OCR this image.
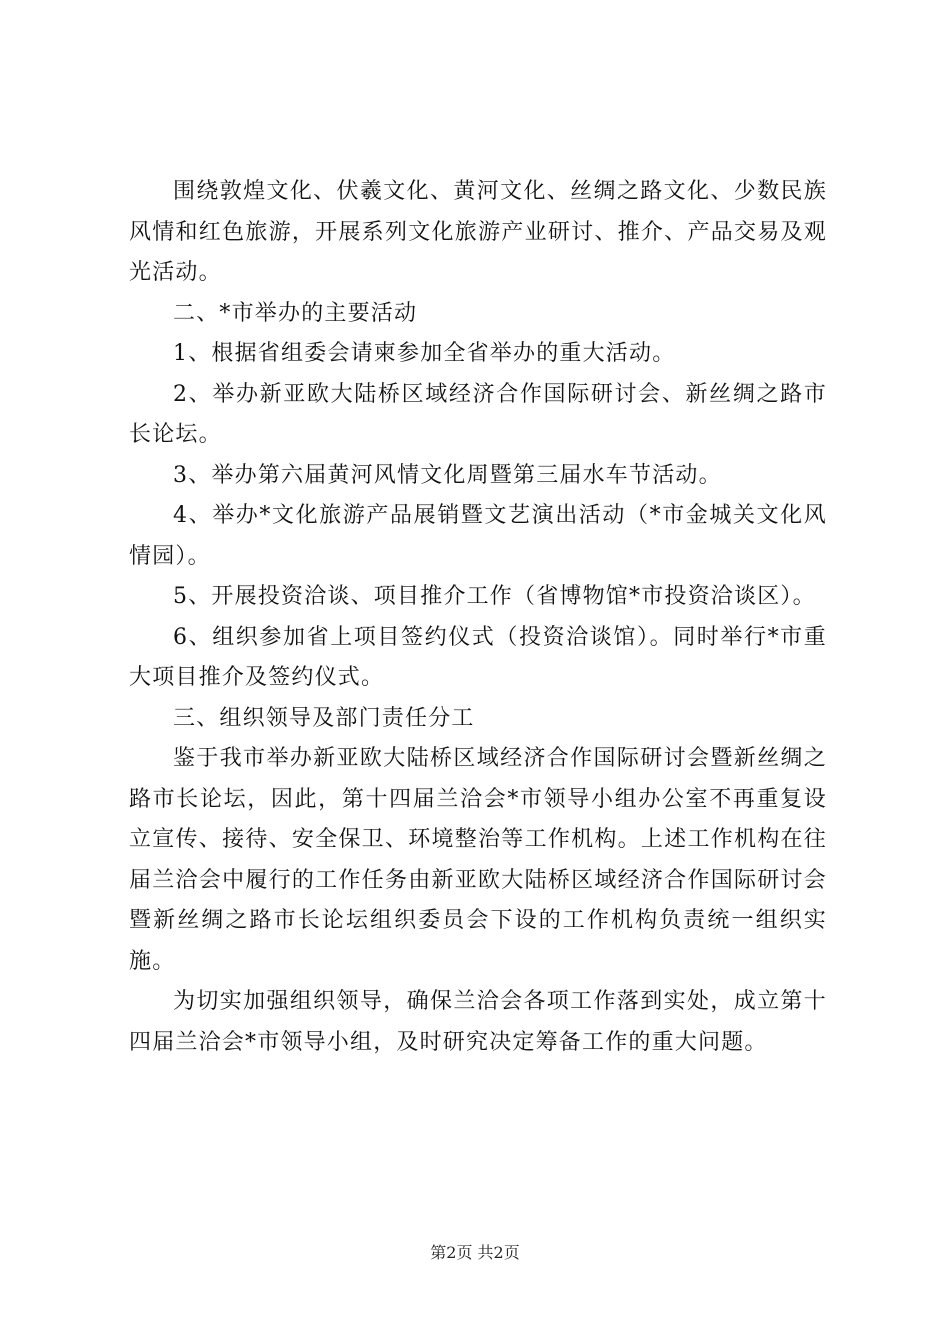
围绕敦煌文化、伏羲文化、黄河文化、丝绸之路文化、少数民族风情和红色旅游，开展系列文化旅游产业研讨、推介、产品交易及观光活动。

二、*市举办的主要活动

1、根据省组委会请柬参加全省举办的重大活动。

2、举办新亚欧大陆桥区域经济合作国际研讨会、新丝绸之路市长论坛。

3、举办第六届黄河风情文化周暨第三届水车节活动。

4、举办*文化旅游产品展销暨文艺演出活动（*市金城关文化风情园）。

5、开展投资洽谈、项目推介工作（省博物馆*市投资洽谈区）。

6、组织参加省上项目签约仪式（投资洽谈馆）。同时举行*市重大项目推介及签约仪式。

三、组织领导及部门责任分工

鉴于我市举办新亚欧大陆桥区域经济合作国际研讨会暨新丝绸之路市长论坛，因此，第十四届兰洽会*市领导小组办公室不再重复设立宣传、接待、安全保卫、环境整治等工作机构。上述工作机构在往届兰洽会中履行的工作任务由新亚欧大陆桥区域经济合作国际研讨会暨新丝绸之路市长论坛组织委员会下设的工作机构负责统一组织实施。

为切实加强组织领导，确保兰洽会各项工作落到实处，成立第十四届兰洽会*市领导小组，及时研究决定筹备工作的重大问题。

第2页 共2页
